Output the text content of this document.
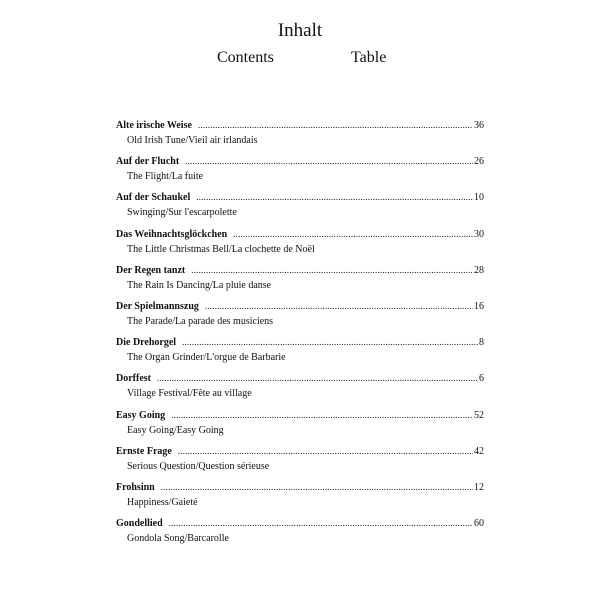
Inhalt
Contents	Table
Alte irische Weise .....	36
Old Irish Tune/Vieil air irlandais
Auf der Flucht .....	26
The Flight/La fuite
Auf der Schaukel .....	10
Swinging/Sur l'escarpolette
Das Weihnachtsglöckchen .....	30
The Little Christmas Bell/La clochette de Noël
Der Regen tanzt .....	28
The Rain Is Dancing/La pluie danse
Der Spielmannszug .....	16
The Parade/La parade des musiciens
Die Drehorgel .....	8
The Organ Grinder/L'orgue de Barbarie
Dorffest .....	6
Village Festival/Fête au village
Easy Going .....	52
Easy Going/Easy Going
Ernste Frage .....	42
Serious Question/Question sérieuse
Frohsinn .....	12
Happiness/Gaieté
Gondellied .....	60
Gondola Song/Barcarolle
